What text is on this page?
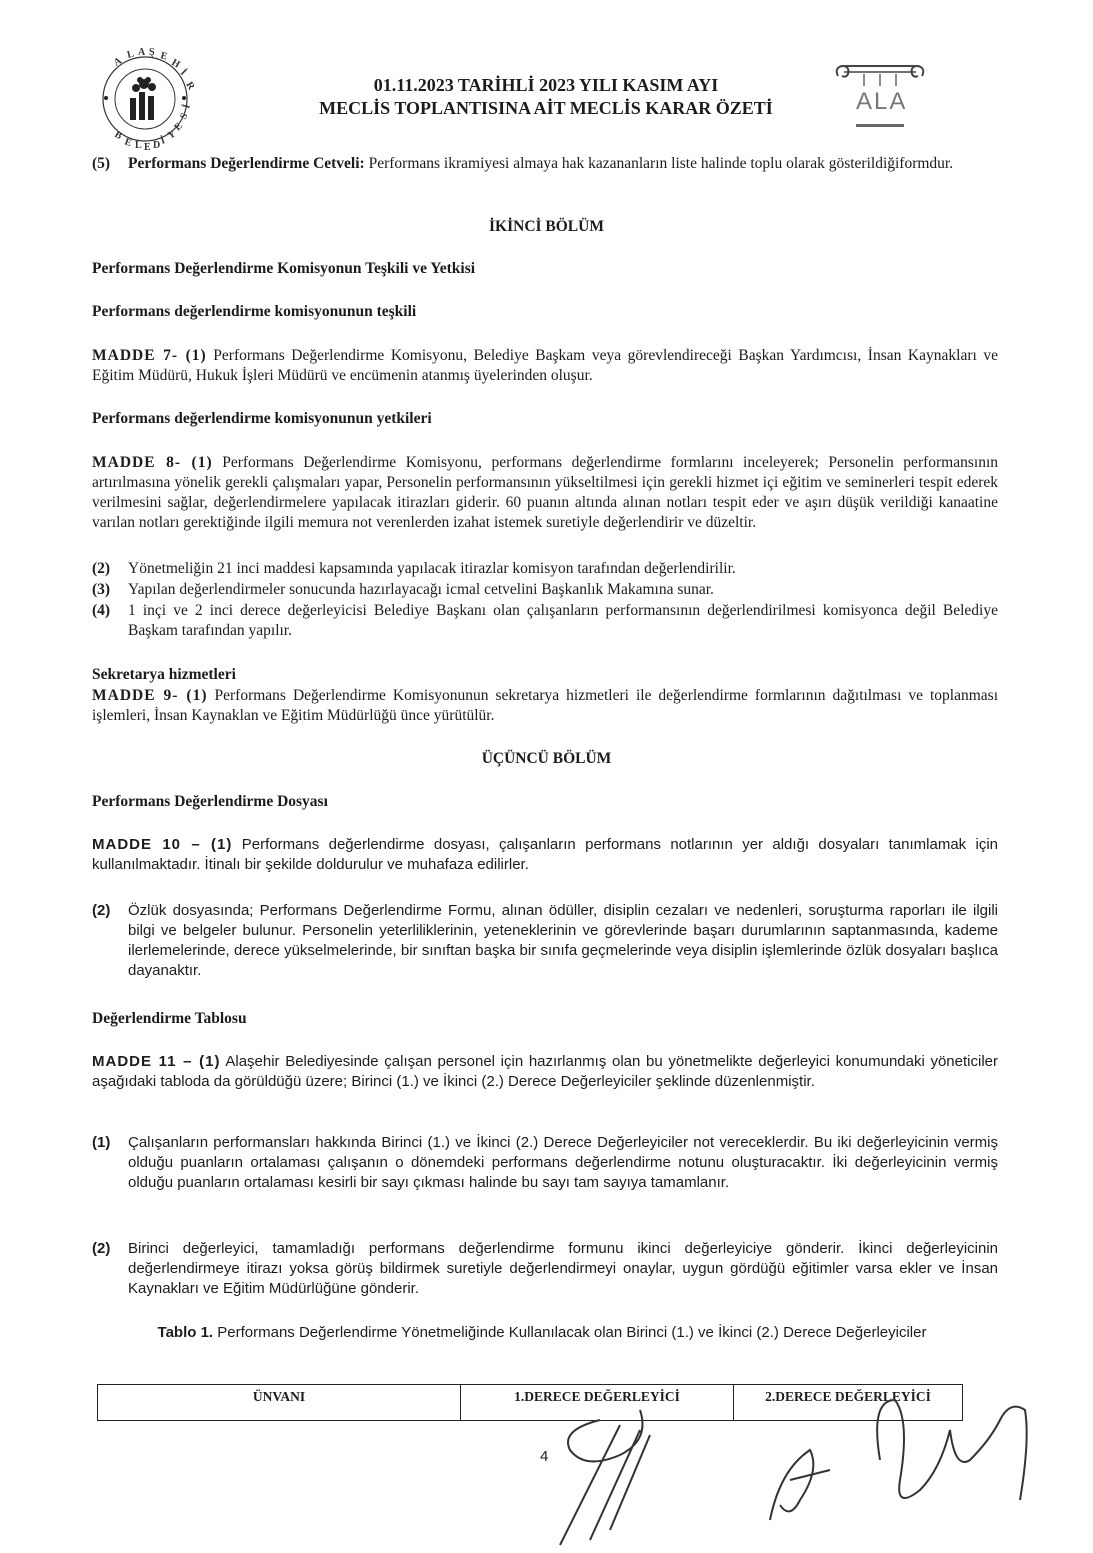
A
L A Ş E
H
İ
R
B
E L E D İ Y
E
S
İ	ALA
01.11.2023 TARİHLİ 2023 YILI KASIM AYI
MECLİS TOPLANTISINA AİT MECLİS KARAR ÖZETİ
(5) Performans Değerlendirme Cetveli: Performans ikramiyesi almaya hak kazananların liste halinde toplu olarak gösterildiğiformdur.
İKİNCİ BÖLÜM
Performans Değerlendirme Komisyonun Teşkili ve Yetkisi
Performans değerlendirme komisyonunun teşkili
MADDE 7- (1) Performans Değerlendirme Komisyonu, Belediye Başkam veya görevlendireceği Başkan Yardımcısı, İnsan Kaynakları ve Eğitim Müdürü, Hukuk İşleri Müdürü ve encümenin atanmış üyelerinden oluşur.
Performans değerlendirme komisyonunun yetkileri
MADDE 8- (1) Performans Değerlendirme Komisyonu, performans değerlendirme formlarını inceleyerek; Personelin performansının artırılmasına yönelik gerekli çalışmaları yapar, Personelin performansının yükseltilmesi için gerekli hizmet içi eğitim ve seminerleri tespit ederek verilmesini sağlar, değerlendirmelere yapılacak itirazları giderir. 60 puanın altında alınan notları tespit eder ve aşırı düşük verildiği kanaatine varılan notları gerektiğinde ilgili memura not verenlerden izahat istemek suretiyle değerlendirir ve düzeltir.
(2) Yönetmeliğin 21 inci maddesi kapsamında yapılacak itirazlar komisyon tarafından değerlendirilir.
(3) Yapılan değerlendirmeler sonucunda hazırlayacağı icmal cetvelini Başkanlık Makamına sunar.
(4) 1 inçi ve 2 inci derece değerleyicisi Belediye Başkanı olan çalışanların performansının değerlendirilmesi komisyonca değil Belediye Başkam tarafından yapılır.
Sekretarya hizmetleri
MADDE 9- (1) Performans Değerlendirme Komisyonunun sekretarya hizmetleri ile değerlendirme formlarının dağıtılması ve toplanması işlemleri, İnsan Kaynaklan ve Eğitim Müdürlüğü ünce yürütülür.
ÜÇÜNCÜ BÖLÜM
Performans Değerlendirme Dosyası
MADDE 10 – (1) Performans değerlendirme dosyası, çalışanların performans notlarının yer aldığı dosyaları tanımlamak için kullanılmaktadır. İtinalı bir şekilde doldurulur ve muhafaza edilirler.
(2) Özlük dosyasında; Performans Değerlendirme Formu, alınan ödüller, disiplin cezaları ve nedenleri, soruşturma raporları ile ilgili bilgi ve belgeler bulunur. Personelin yeterliliklerinin, yeteneklerinin ve görevlerinde başarı durumlarının saptanmasında, kademe ilerlemelerinde, derece yükselmelerinde, bir sınıftan başka bir sınıfa geçmelerinde veya disiplin işlemlerinde özlük dosyaları başlıca dayanaktır.
Değerlendirme Tablosu
MADDE 11 – (1) Alaşehir Belediyesinde çalışan personel için hazırlanmış olan bu yönetmelikte değerleyici konumundaki yöneticiler aşağıdaki tabloda da görüldüğü üzere; Birinci (1.) ve İkinci (2.) Derece Değerleyiciler şeklinde düzenlenmiştir.
(1) Çalışanların performansları hakkında Birinci (1.) ve İkinci (2.) Derece Değerleyiciler not vereceklerdir. Bu iki değerleyicinin vermiş olduğu puanların ortalaması çalışanın o dönemdeki performans değerlendirme notunu oluşturacaktır. İki değerleyicinin vermiş olduğu puanların ortalaması kesirli bir sayı çıkması halinde bu sayı tam sayıya tamamlanır.
(2) Birinci değerleyici, tamamladığı performans değerlendirme formunu ikinci değerleyiciye gönderir. İkinci değerleyicinin değerlendirmeye itirazı yoksa görüş bildirmek suretiyle değerlendirmeyi onaylar, uygun gördüğü eğitimler varsa ekler ve İnsan Kaynakları ve Eğitim Müdürlüğüne gönderir.
Tablo 1. Performans Değerlendirme Yönetmeliğinde Kullanılacak olan Birinci (1.) ve İkinci (2.) Derece Değerleyiciler
ÜNVANI	1.DERECE DEĞERLEYİCİ	2.DERECE DEĞERLEYİCİ
4
